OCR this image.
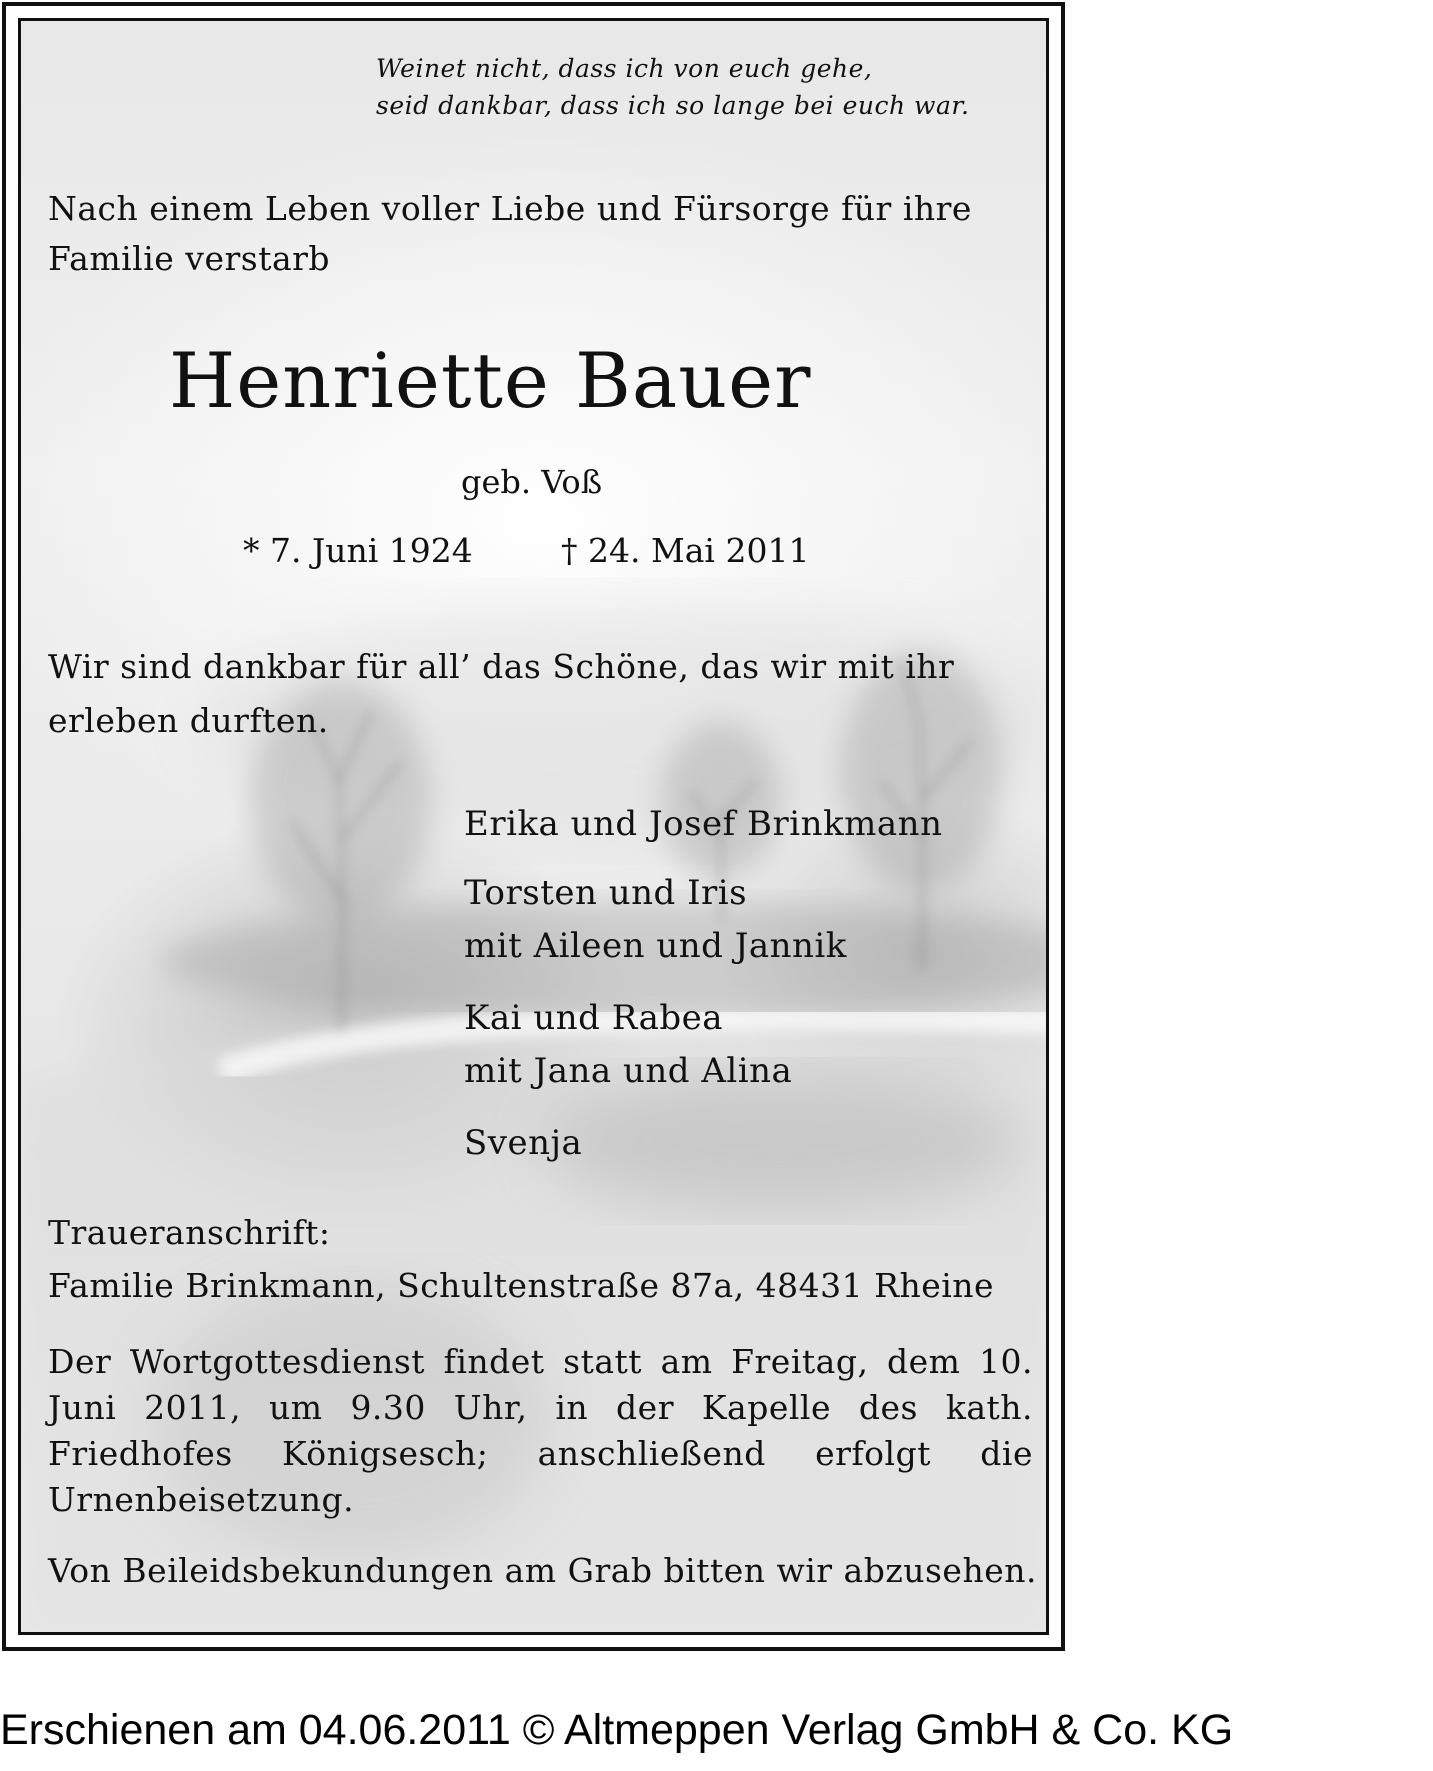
Weinet nicht, dass ich von euch gehe,

seid dankbar, dass ich so lange bei euch war.

Nach einem Leben voller Liebe und Fürsorge für ihre

Familie verstarb

Henriette Bauer

geb. Voß

* 7. Juni 1924	† 24. Mai 2011

Wir sind dankbar für all’ das Schöne, das wir mit ihr

erleben durften.

Erika und Josef Brinkmann

Torsten und Iris

mit Aileen und Jannik

Kai und Rabea

mit Jana und Alina

Svenja

Traueranschrift:

Familie Brinkmann, Schultenstraße 87a, 48431 Rheine

Der Wortgottesdienst findet statt am Freitag, dem 10. Juni 2011, um 9.30 Uhr, in der Kapelle des kath. Friedhofes Königsesch; anschließend erfolgt die Urnenbeisetzung.

Von Beileidsbekundungen am Grab bitten wir abzusehen.

Erschienen am 04.06.2011 © Altmeppen Verlag GmbH & Co. KG
